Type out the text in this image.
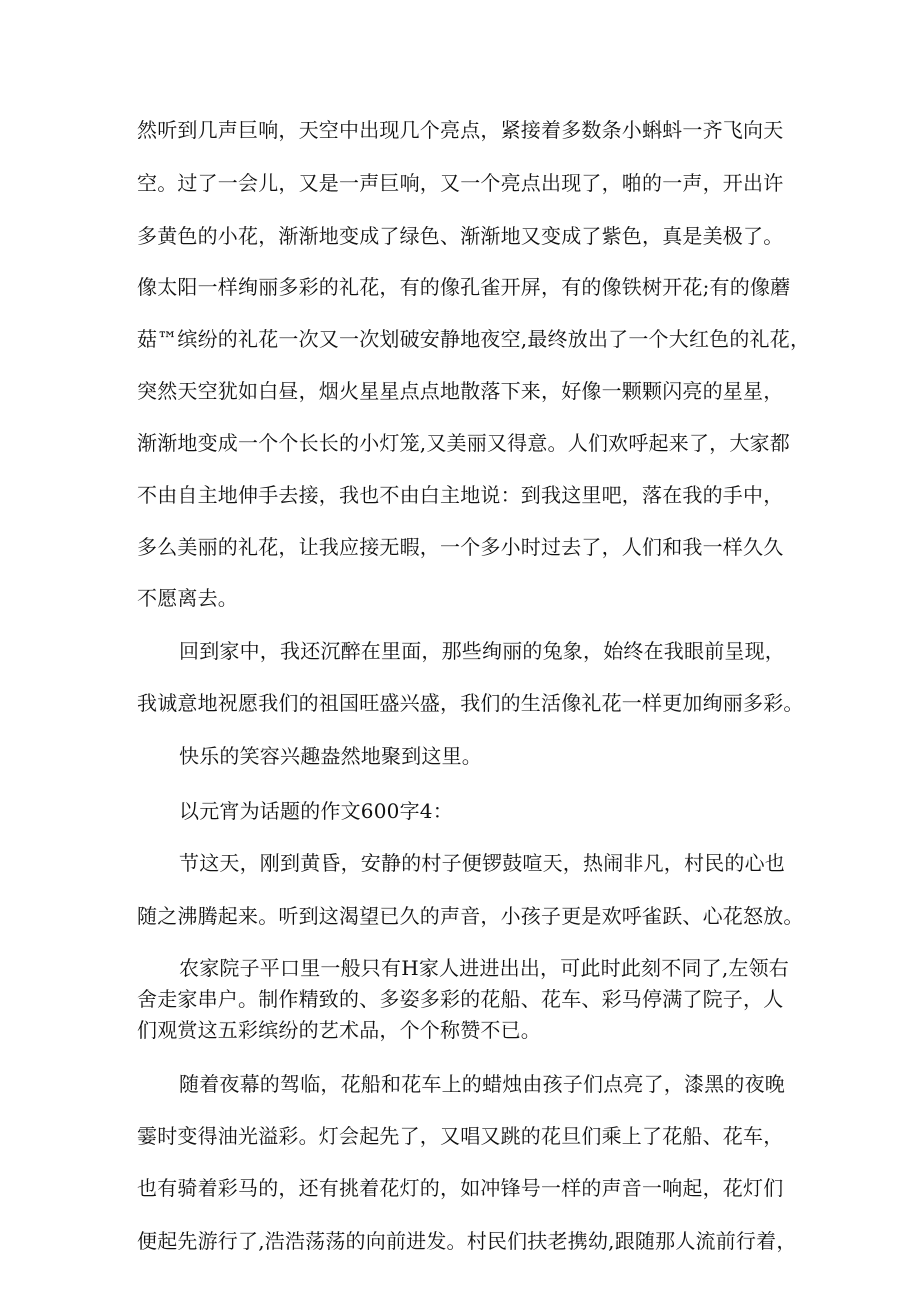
然听到几声巨响，天空中出现几个亮点，紧接着多数条小蝌蚪一齐飞向天
空。过了一会儿，又是一声巨响，又一个亮点出现了，啪的一声，开出许
多黄色的小花，渐渐地变成了绿色、渐渐地又变成了紫色，真是美极了。
像太阳一样绚丽多彩的礼花，有的像孔雀开屏，有的像铁树开花;有的像蘑
菇™缤纷的礼花一次又一次划破安静地夜空,最终放出了一个大红色的礼花，
突然天空犹如白昼，烟火星星点点地散落下来，好像一颗颗闪亮的星星，
渐渐地变成一个个长长的小灯笼,又美丽又得意。人们欢呼起来了，大家都
不由自主地伸手去接，我也不由白主地说：到我这里吧，落在我的手中，
多么美丽的礼花，让我应接无暇，一个多小时过去了，人们和我一样久久
不愿离去。
回到家中，我还沉醉在里面，那些绚丽的兔象，始终在我眼前呈现，
我诚意地祝愿我们的祖国旺盛兴盛，我们的生活像礼花一样更加绚丽多彩。
快乐的笑容兴趣盎然地聚到这里。
以元宵为话题的作文600字4：
节这天，刚到黄昏，安静的村子便锣鼓喧天，热闹非凡，村民的心也
随之沸腾起来。听到这渴望已久的声音，小孩子更是欢呼雀跃、心花怒放。
农家院子平口里一般只有H家人进进出出，可此时此刻不同了,左领右
舍走家串户。制作精致的、多姿多彩的花船、花车、彩马停满了院子，人
们观赏这五彩缤纷的艺术品，个个称赞不已。
随着夜幕的驾临，花船和花车上的蜡烛由孩子们点亮了，漆黑的夜晚
霎时变得油光溢彩。灯会起先了，又唱又跳的花旦们乘上了花船、花车，
也有骑着彩马的，还有挑着花灯的，如冲锋号一样的声音一响起，花灯们
便起先游行了,浩浩荡荡的向前进发。村民们扶老携幼,跟随那人流前行着，
